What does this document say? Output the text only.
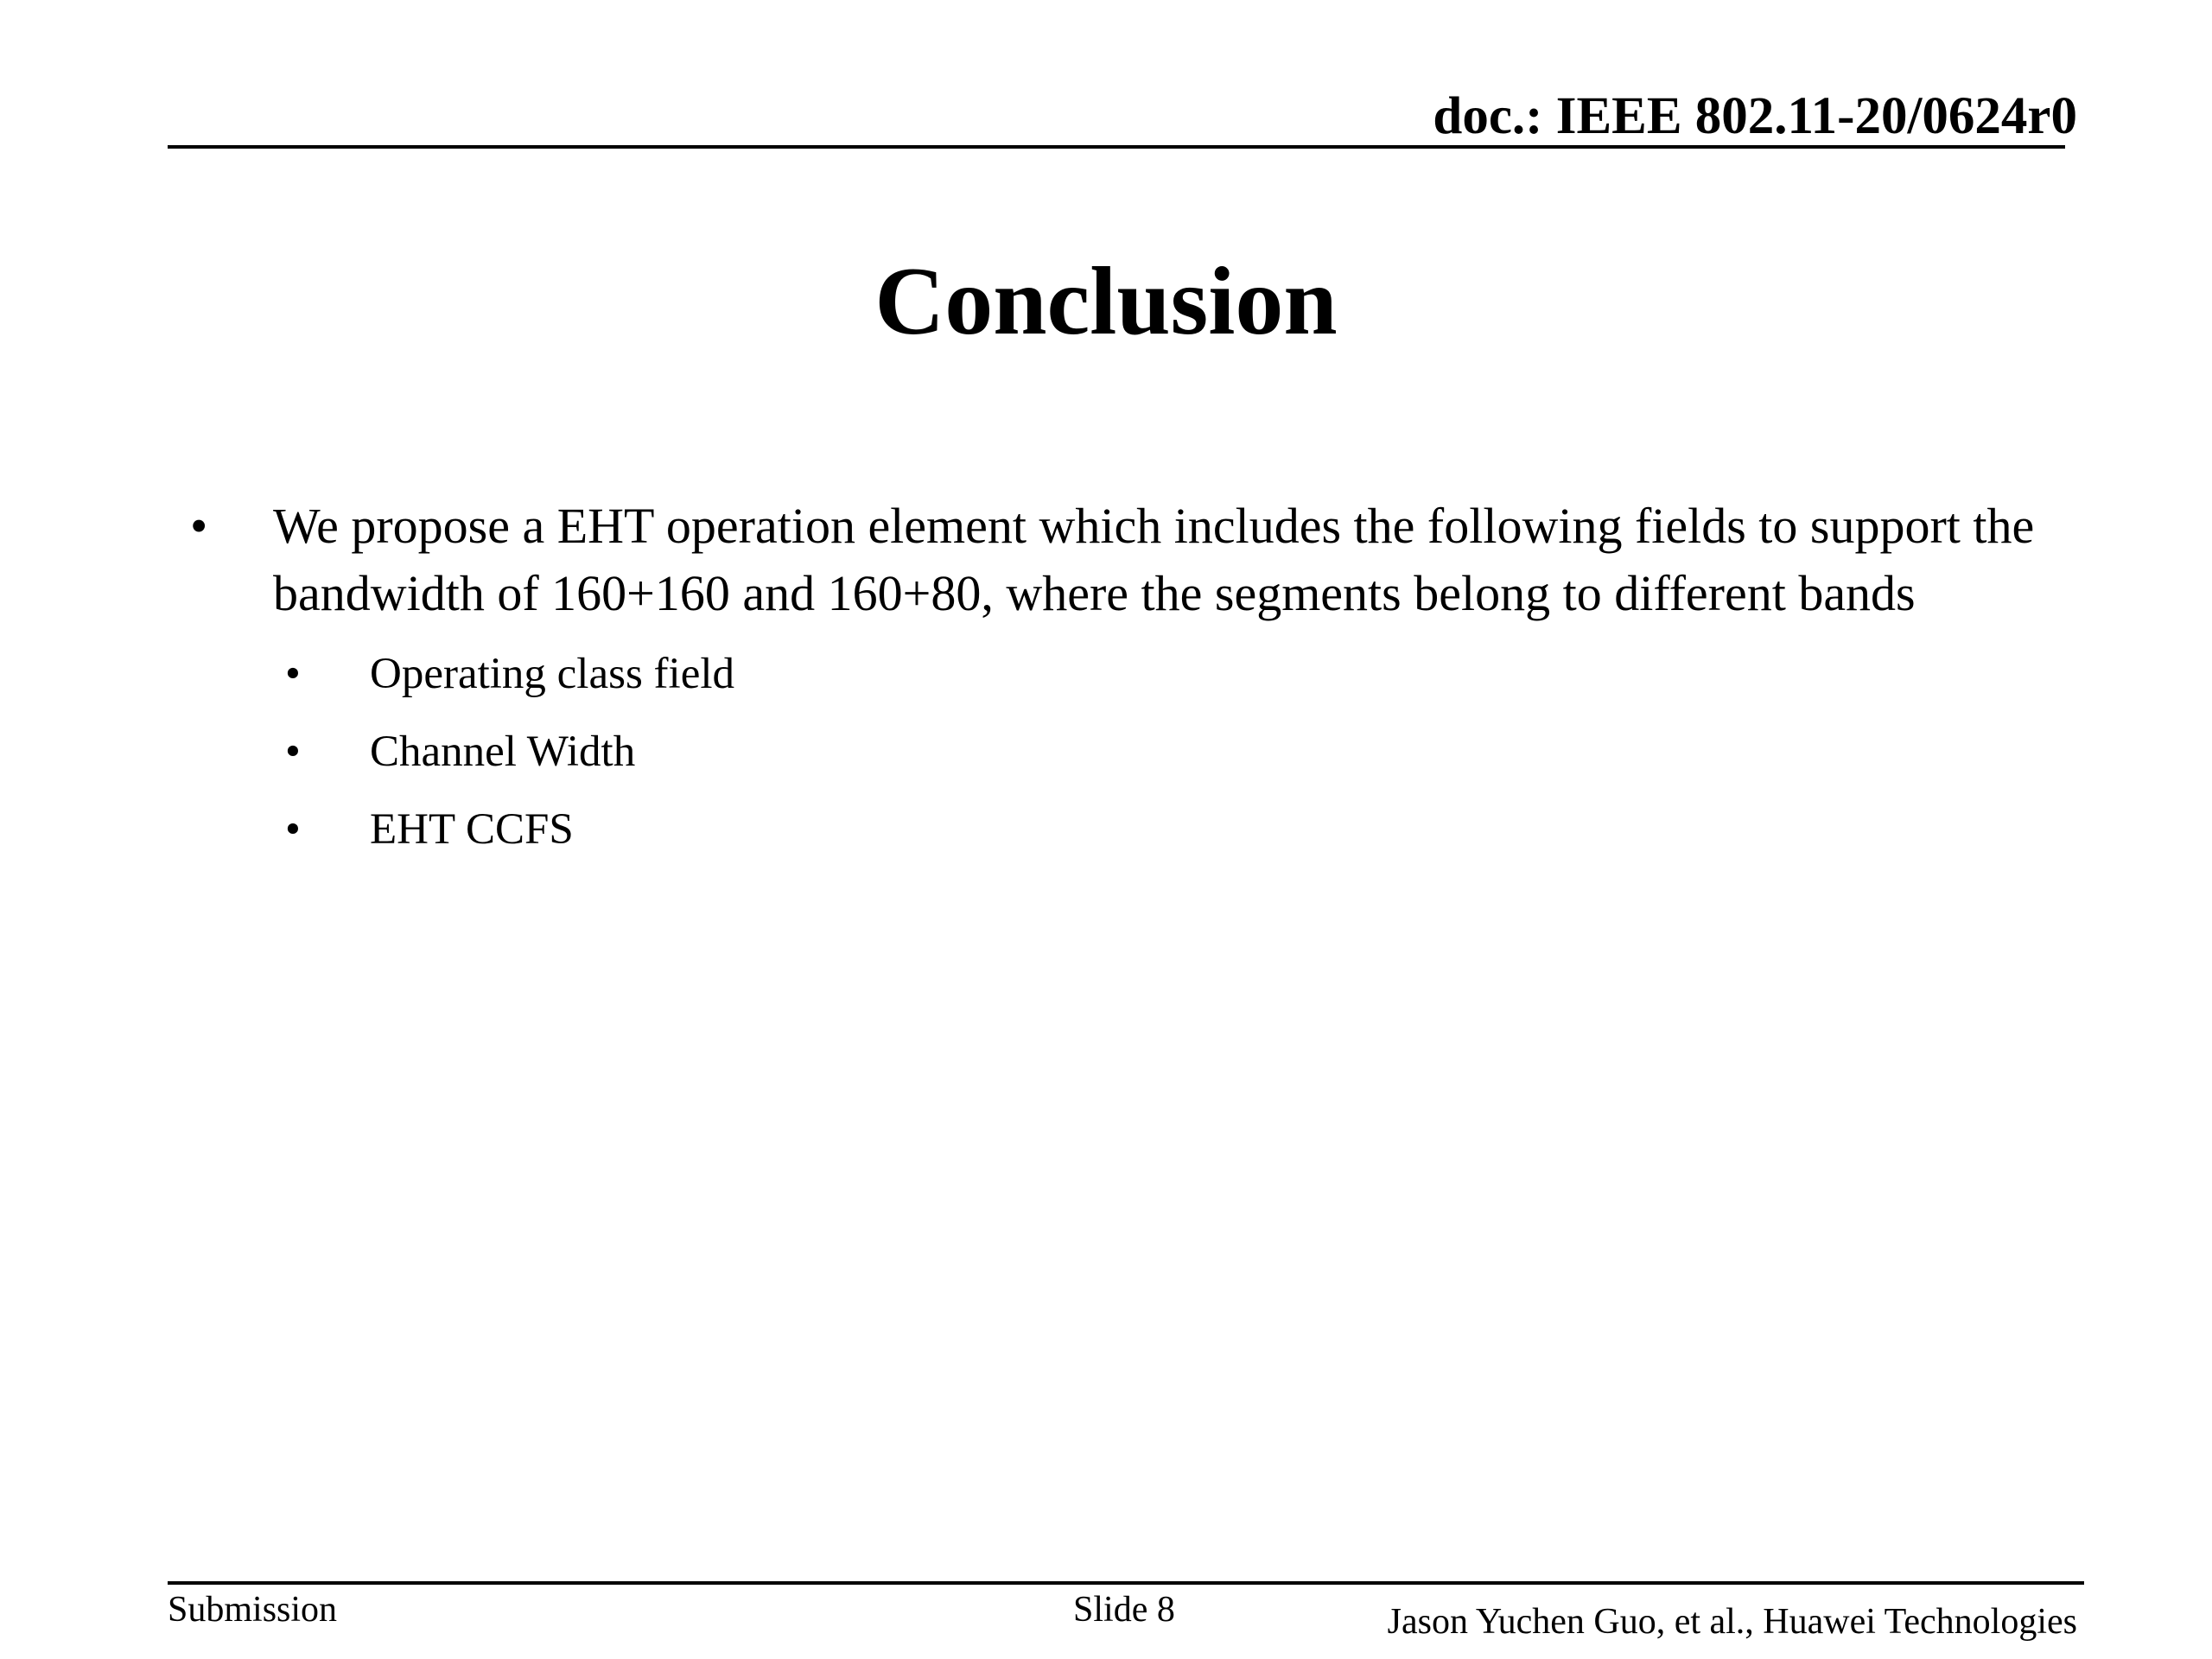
doc.: IEEE 802.11-20/0624r0
Conclusion
• We propose a EHT operation element which includes the following fields to support the bandwidth of 160+160 and 160+80, where the segments belong to different bands
• Operating class field
• Channel Width
• EHT CCFS
Submission	Slide 8	Jason Yuchen Guo, et al., Huawei Technologies
